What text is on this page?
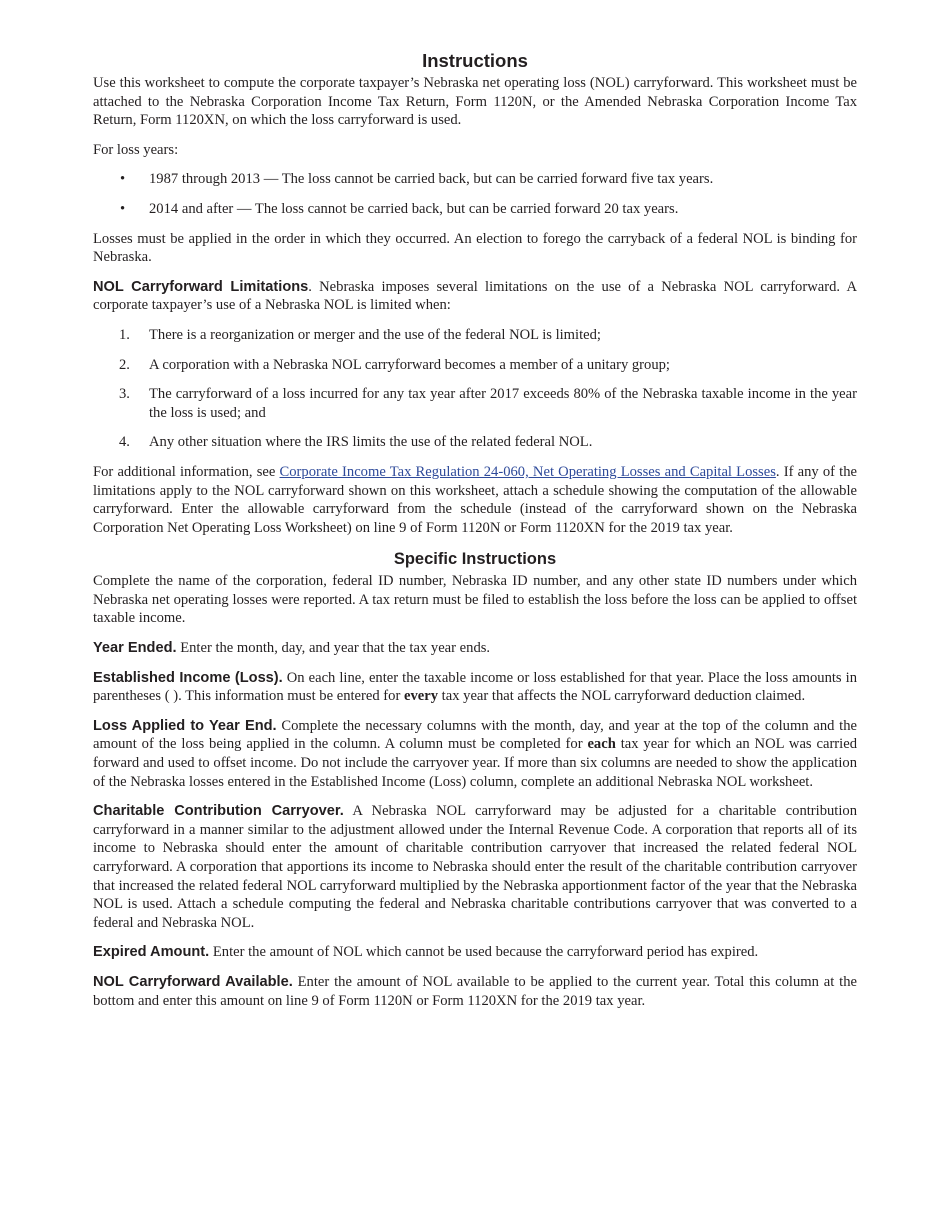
Instructions

Use this worksheet to compute the corporate taxpayer’s Nebraska net operating loss (NOL) carryforward. This worksheet must be attached to the Nebraska Corporation Income Tax Return, Form 1120N, or the Amended Nebraska Corporation Income Tax Return, Form 1120XN, on which the loss carryforward is used.

For loss years:

• 1987 through 2013 — The loss cannot be carried back, but can be carried forward five tax years.
• 2014 and after — The loss cannot be carried back, but can be carried forward 20 tax years.

Losses must be applied in the order in which they occurred. An election to forego the carryback of a federal NOL is binding for Nebraska.

NOL Carryforward Limitations. Nebraska imposes several limitations on the use of a Nebraska NOL carryforward. A corporate taxpayer’s use of a Nebraska NOL is limited when:

1. There is a reorganization or merger and the use of the federal NOL is limited;
2. A corporation with a Nebraska NOL carryforward becomes a member of a unitary group;
3. The carryforward of a loss incurred for any tax year after 2017 exceeds 80% of the Nebraska taxable income in the year the loss is used; and
4. Any other situation where the IRS limits the use of the related federal NOL.

For additional information, see Corporate Income Tax Regulation 24-060, Net Operating Losses and Capital Losses. If any of the limitations apply to the NOL carryforward shown on this worksheet, attach a schedule showing the computation of the allowable carryforward. Enter the allowable carryforward from the schedule (instead of the carryforward shown on the Nebraska Corporation Net Operating Loss Worksheet) on line 9 of Form 1120N or Form 1120XN for the 2019 tax year.

Specific Instructions

Complete the name of the corporation, federal ID number, Nebraska ID number, and any other state ID numbers under which Nebraska net operating losses were reported. A tax return must be filed to establish the loss before the loss can be applied to offset taxable income.

Year Ended. Enter the month, day, and year that the tax year ends.

Established Income (Loss). On each line, enter the taxable income or loss established for that year. Place the loss amounts in parentheses ( ). This information must be entered for every tax year that affects the NOL carryforward deduction claimed.

Loss Applied to Year End. Complete the necessary columns with the month, day, and year at the top of the column and the amount of the loss being applied in the column. A column must be completed for each tax year for which an NOL was carried forward and used to offset income. Do not include the carryover year. If more than six columns are needed to show the application of the Nebraska losses entered in the Established Income (Loss) column, complete an additional Nebraska NOL worksheet.

Charitable Contribution Carryover. A Nebraska NOL carryforward may be adjusted for a charitable contribution carryforward in a manner similar to the adjustment allowed under the Internal Revenue Code. A corporation that reports all of its income to Nebraska should enter the amount of charitable contribution carryover that increased the related federal NOL carryforward. A corporation that apportions its income to Nebraska should enter the result of the charitable contribution carryover that increased the related federal NOL carryforward multiplied by the Nebraska apportionment factor of the year that the Nebraska NOL is used. Attach a schedule computing the federal and Nebraska charitable contributions carryover that was converted to a federal and Nebraska NOL.

Expired Amount. Enter the amount of NOL which cannot be used because the carryforward period has expired.

NOL Carryforward Available. Enter the amount of NOL available to be applied to the current year. Total this column at the bottom and enter this amount on line 9 of Form 1120N or Form 1120XN for the 2019 tax year.
